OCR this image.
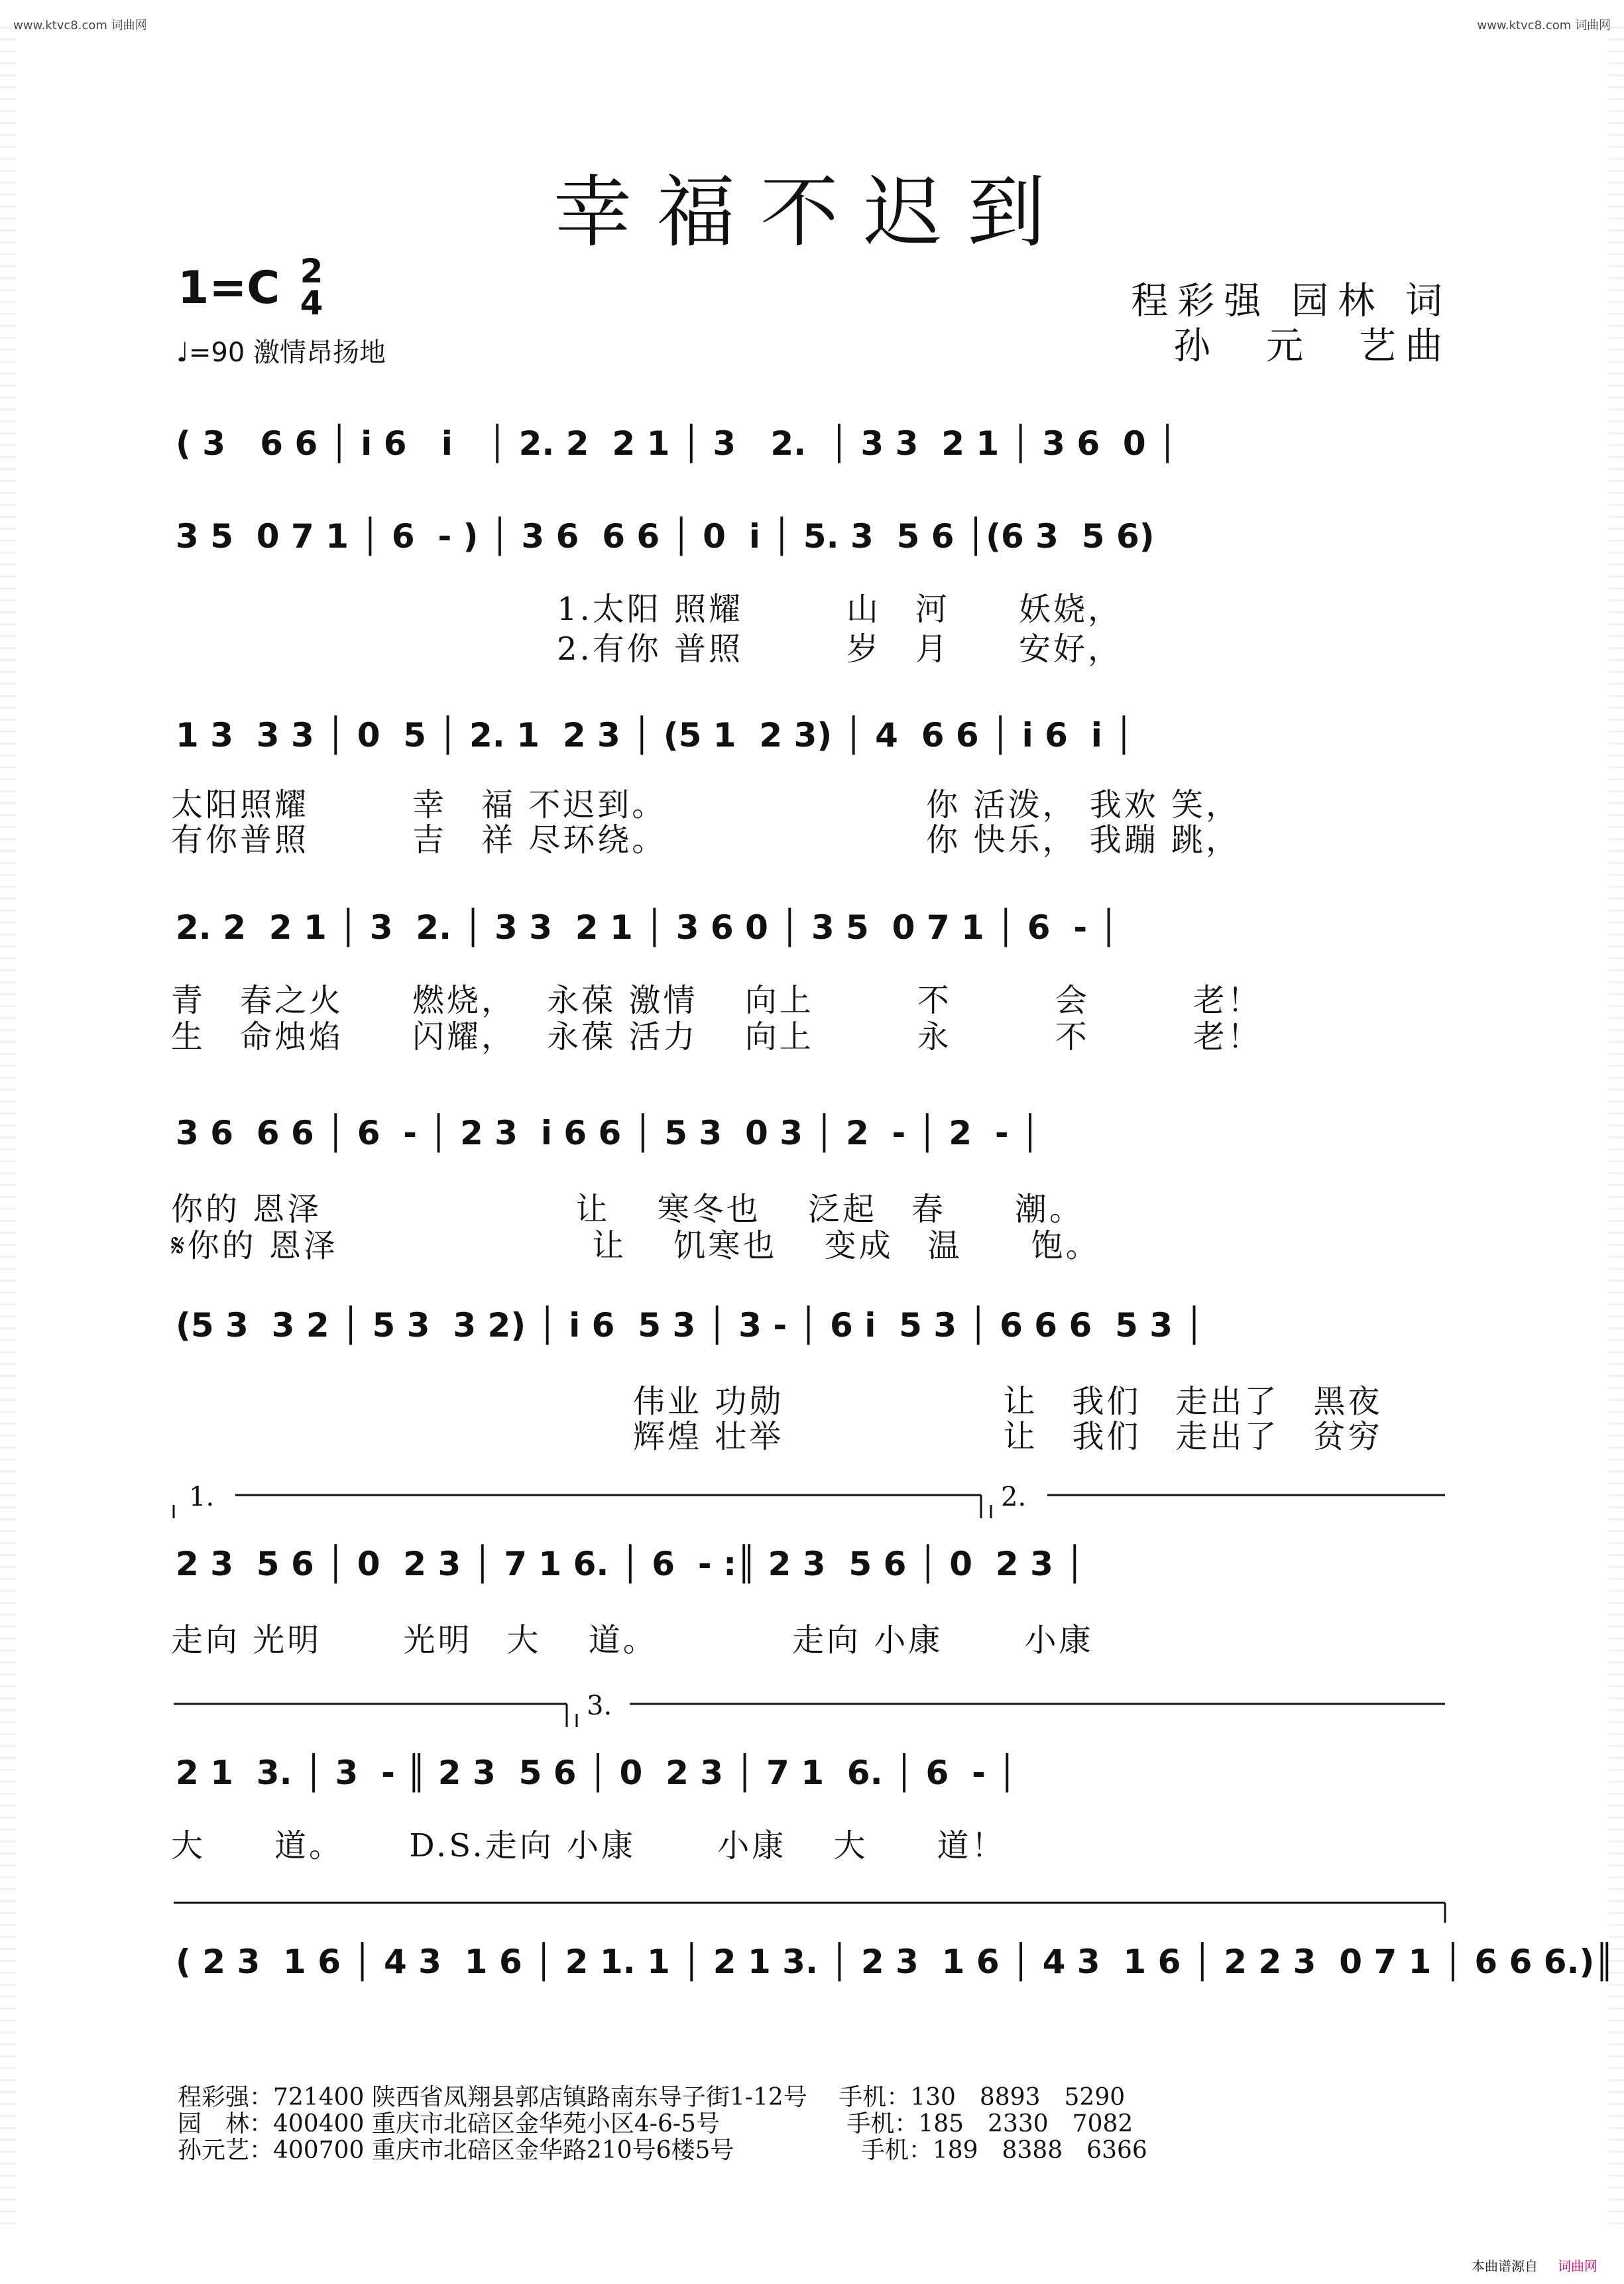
www.ktvc8.com 词曲网	www.ktvc8.com 词曲网
幸福不迟到
1=C 2
4
♩=90 激情昂扬地
程彩强 园林 词
孙　元　艺曲
( 3   6 6 │ i 6   i   │ 2. 2  2 1 │ 3   2.  │ 3 3  2 1 │ 3 6  0 │
3 5  0 7 1 │ 6  - ) │ 3 6  6 6 │ 0  i │ 5. 3  5 6 │(6 3  5 6)
1.太阳 照耀　　　山　河　　妖娆，
2.有你 普照　　　岁　月　　安好，
1 3  3 3 │ 0  5 │ 2. 1  2 3 │ (5 1  2 3) │ 4  6 6 │ i 6  i │
太阳照耀　　　幸　福 不迟到。　　　　　　　　你 活泼， 我欢 笑，
有你普照　　　吉　祥 尽环绕。　　　　　　　　你 快乐， 我蹦 跳，
2. 2  2 1 │ 3  2. │ 3 3  2 1 │ 3 6 0 │ 3 5  0 7 1 │ 6  - │
青　春之火　　燃烧，　 永葆 激情　 向上　　　不　　　会　　　老！
生　命烛焰　　闪耀，　 永葆 活力　 向上　　　永　　　不　　　老！
3 6  6 6 │ 6  - │ 2 3  i 6 6 │ 5 3  0 3 │ 2  - │ 2  - │
你的 恩泽　　　　　　　 让　 寒冬也　 泛起　春　　潮。
𝄋你的 恩泽　　　　　　　 让　 饥寒也　 变成　温　　饱。
(5 3  3 2 │ 5 3  3 2) │ i 6  5 3 │ 3 - │ 6 i  5 3 │ 6 6 6  5 3 │
伟业 功勋　　　　　　 让　我们　走出了　黑夜
辉煌 壮举　　　　　　 让　我们　走出了　贫穷
1.	2.
2 3  5 6 │ 0  2 3 │ 7 1 6. │ 6  - :║ 2 3  5 6 │ 0  2 3 │
走向 光明　　 光明　大　 道。　　　　 走向 小康　　 小康
3.
2 1  3. │ 3  - ║ 2 3  5 6 │ 0  2 3 │ 7 1  6. │ 6  - │
大　　道。　　 D.S.走向 小康　　 小康　 大　　道！
( 2 3  1 6 │ 4 3  1 6 │ 2 1. 1 │ 2 1 3. │ 2 3  1 6 │ 4 3  1 6 │ 2 2 3  0 7 1 │ 6 6 6.)║
程彩强：721400 陕西省凤翔县郭店镇路南东导子街1-12号　 手机：130　8893　5290
园　林：400400 重庆市北碚区金华苑小区4-6-5号　　　　　 手机：185　2330　7082
孙元艺：400700 重庆市北碚区金华路210号6楼5号　　　　　 手机：189　8388　6366
本曲谱源自 词曲网
